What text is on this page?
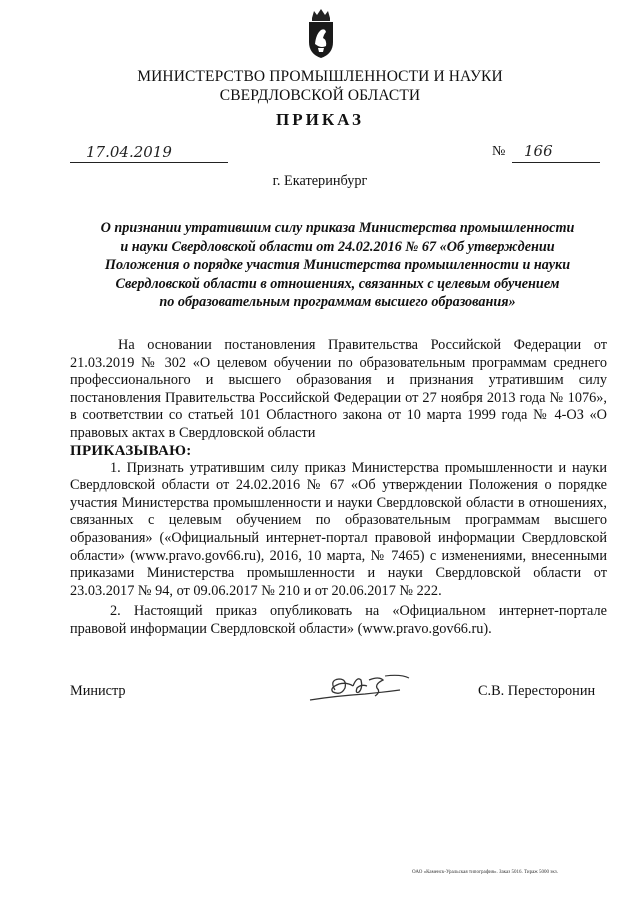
МИНИСТЕРСТВО ПРОМЫШЛЕННОСТИ И НАУКИ
СВЕРДЛОВСКОЙ ОБЛАСТИ
ПРИКАЗ
17.04.2019	№ 166
г. Екатеринбург
О признании утратившим силу приказа Министерства промышленности
и науки Свердловской области от 24.02.2016 № 67 «Об утверждении
Положения о порядке участия Министерства промышленности и науки
Свердловской области в отношениях, связанных с целевым обучением
по образовательным программам высшего образования»
На основании постановления Правительства Российской Федерации от 21.03.2019 № 302 «О целевом обучении по образовательным программам среднего профессионального и высшего образования и признания утратившим силу постановления Правительства Российской Федерации от 27 ноября 2013 года № 1076», в соответствии со статьей 101 Областного закона от 10 марта 1999 года № 4-ОЗ «О правовых актах в Свердловской области
ПРИКАЗЫВАЮ:
1. Признать утратившим силу приказ Министерства промышленности и науки Свердловской области от 24.02.2016 № 67 «Об утверждении Положения о порядке участия Министерства промышленности и науки Свердловской области в отношениях, связанных с целевым обучением по образовательным программам высшего образования» («Официальный интернет-портал правовой информации Свердловской области» (www.pravo.gov66.ru), 2016, 10 марта, № 7465) с изменениями, внесенными приказами Министерства промышленности и науки Свердловской области от 23.03.2017 № 94, от 09.06.2017 № 210 и от 20.06.2017 № 222.
2. Настоящий приказ опубликовать на «Официальном интернет-портале правовой информации Свердловской области» (www.pravo.gov66.ru).
Министр	С.В. Пересторонин
ОАО «Каменск-Уральская типография». Заказ 5016. Тираж 5000 экз.
